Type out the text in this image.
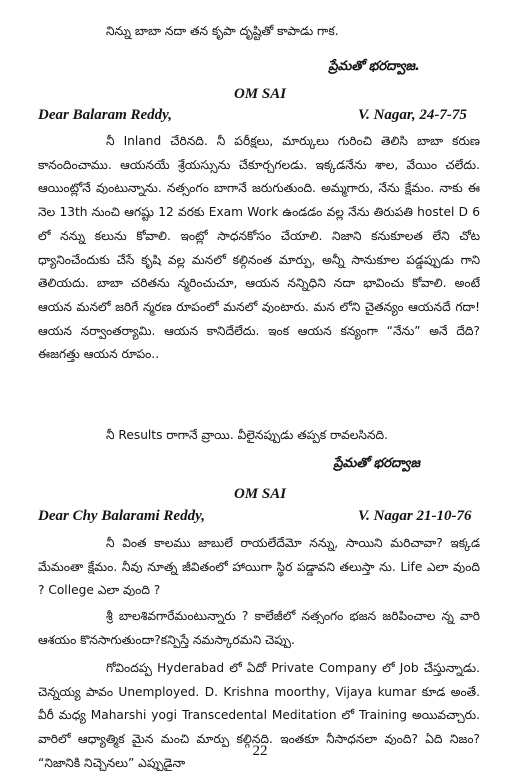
నిన్ను బాబా నదా తన కృపా దృష్టితో కాపాడు గాక.

ప్రేమతో భరద్వాజ.
OM SAI
Dear Balaram Reddy,	V. Nagar, 24-7-75

నీ Inland చేరినది. నీ పరీక్షలు, మార్కులు గురించి తెలిసి బాబా కరుణ కానందించాము. ఆయనయే శ్రేయస్సును చేకూర్చగలడు. ఇక్కడనేను శాల, వేయిం చలేదు. ఆయింట్లోనే వుంటున్నాను. నత్సంగం బాగానే జరుగుతుంది. అమ్మగారు, నేను క్షేమం. నాకు ఈ నెల 13th నుంచి ఆగష్టు 12 వరకు Exam Work ఉండడం వల్ల నేను తిరుపతి hostel D 6 లో నన్ను కలును కోవాలి. ఇంట్లో సాధనకోసం చేయాలి. నిజాని కనుకూలత లేని చోట ధ్యానించేందుకు చేసే కృషి వల్ల మనలో కల్గినంత మార్పు, అన్నీ సానుకూల పడ్డప్పుడు గాని తెలియదు. బాబా చరితను న్మరించుచూ, ఆయన నన్నిధిని నదా భావించు కోవాలి. అంటే ఆయన మనలో జరిగే న్మరణ రూపంలో మనలో వుంటారు. మన లోని చైతన్యం ఆయనదే గదా! ఆయన నర్వాంతర్యామి. ఆయన కానిదేలేదు. ఇంక ఆయన కన్యంగా “నేను” అనే దేది? ఈజగత్తు ఆయన రూపం..

నీ Results రాగానే వ్రాయి. వీలైనప్పుడు తప్పక రావలసినది.

ప్రేమతో భరద్వాజ
OM SAI
Dear Chy Balarami Reddy,	V. Nagar 21-10-76

నీ వింత కాలము జాబులే రాయలేదేమో నన్ను, సాయిని మరిచావా? ఇక్కడ మేమంతా క్షేమం. నీవు నూత్న జీవితంలో హాయిగా స్థిర పడ్డావని తలుస్తా ను. Life ఎలా వుంది ? College ఎలా వుంది ?

శ్రీ బాలశివగారేమంటున్నారు ? కాలేజీలో నత్సంగం భజన జరిపించాల న్న వారి ఆశయం కొనసాగుతుందా?కన్పిస్తే నమస్కారమని చెప్పు.

గోవిందప్ప Hyderabad లో ఏదో Private Company లో Job చేస్తున్నాడు. చెన్నయ్య పావం Unemployed. D. Krishna moorthy, Vijaya kumar కూడ అంతే. వీరీ మధ్య Maharshi yogi Transcedental Meditation లో Training అయివచ్చారు. వారిలో ఆధ్యాత్మిక మైన మంచి మార్పు కల్గినది. ఇంతకూ నీసాధనలా వుంది? ఏది నిజం? “నిజానికి నిచ్చెనలు” ఎప్పుడైనా

22
